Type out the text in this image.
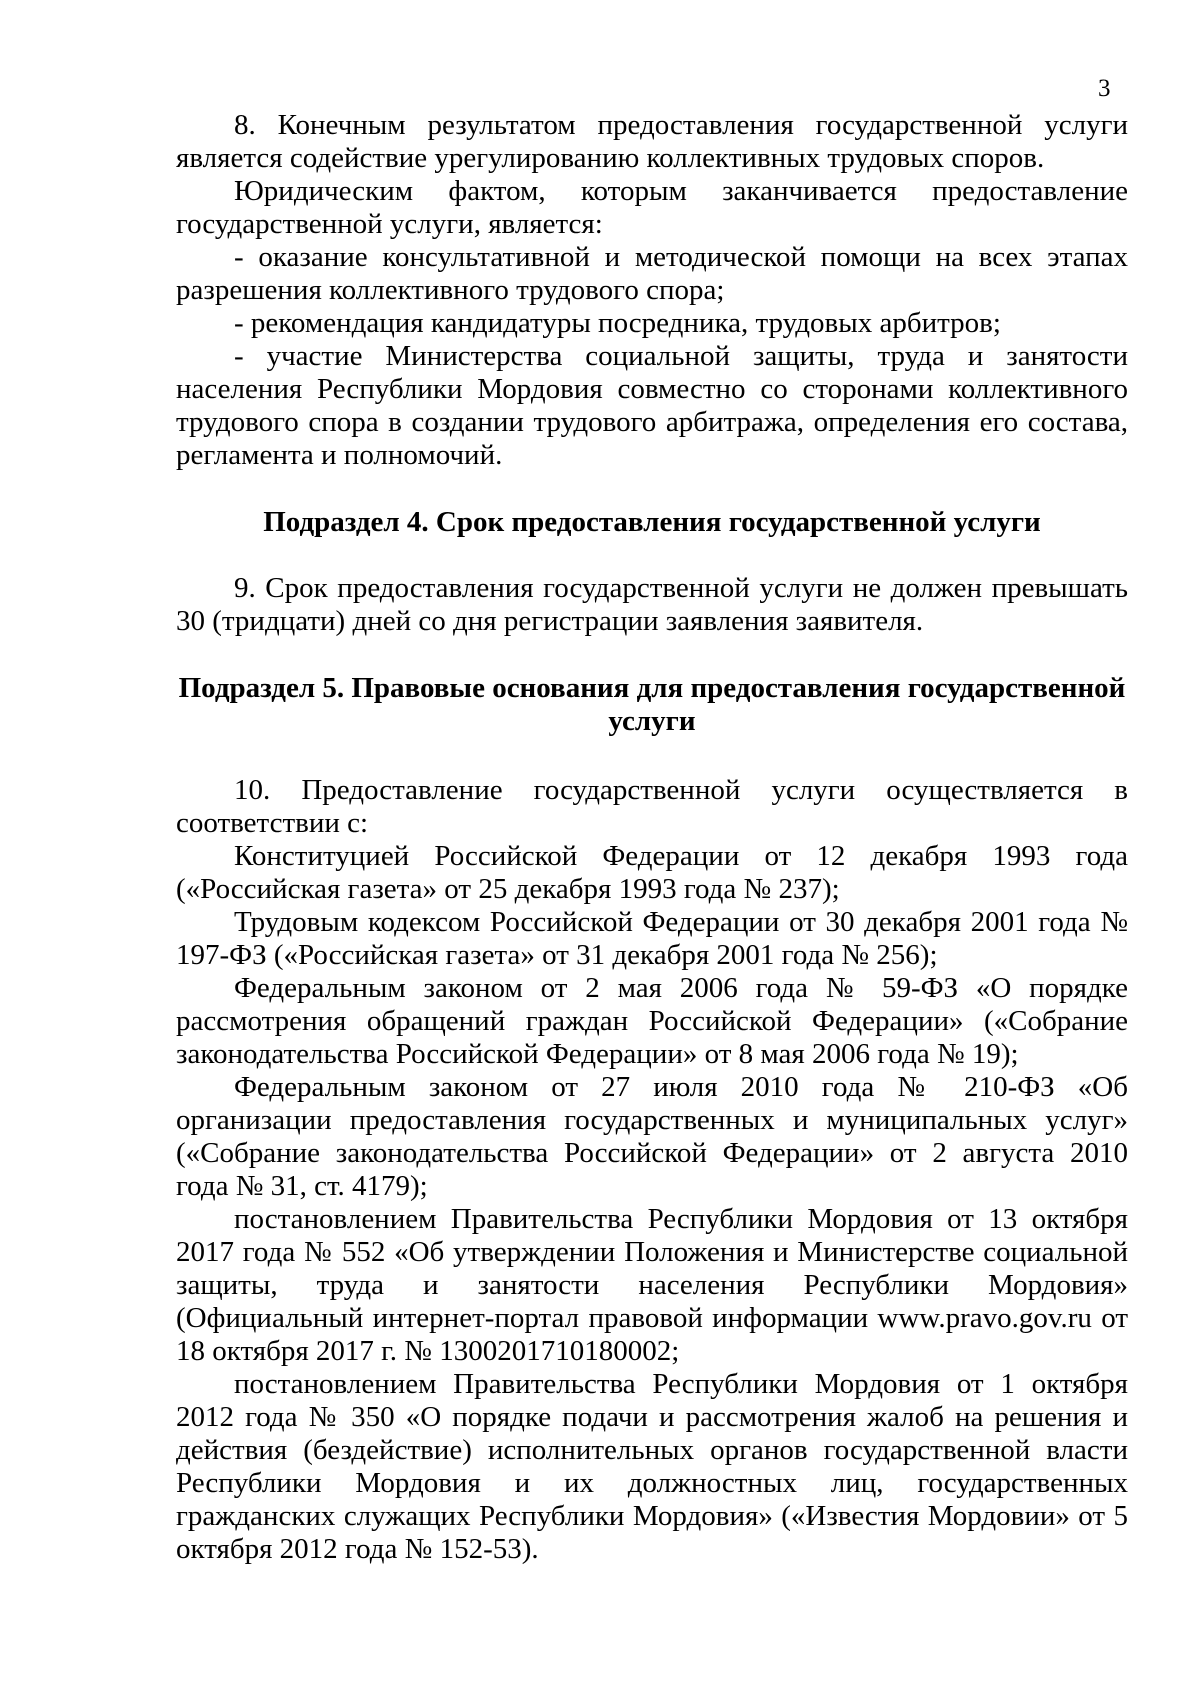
3

8. Конечным результатом предоставления государственной услуги является содействие урегулированию коллективных трудовых споров.

Юридическим фактом, которым заканчивается предоставление государственной услуги, является:

- оказание консультативной и методической помощи на всех этапах разрешения коллективного трудового спора;

- рекомендация кандидатуры посредника, трудовых арбитров;

- участие Министерства социальной защиты, труда и занятости населения Республики Мордовия совместно со сторонами коллективного трудового спора в создании трудового арбитража, определения его состава, регламента и полномочий.

Подраздел 4. Срок предоставления государственной услуги

9. Срок предоставления государственной услуги не должен превышать 30 (тридцати) дней со дня регистрации заявления заявителя.

Подраздел 5. Правовые основания для предоставления государственной услуги

10. Предоставление государственной услуги осуществляется в соответствии с:

Конституцией Российской Федерации от 12 декабря 1993 года («Российская газета» от 25 декабря 1993 года № 237);

Трудовым кодексом Российской Федерации от 30 декабря 2001 года № 197-ФЗ («Российская газета» от 31 декабря 2001 года № 256);

Федеральным законом от 2 мая 2006 года № 59-ФЗ «О порядке рассмотрения обращений граждан Российской Федерации» («Собрание законодательства Российской Федерации» от 8 мая 2006 года № 19);

Федеральным законом от 27 июля 2010 года № 210-ФЗ «Об организации предоставления государственных и муниципальных услуг» («Собрание законодательства Российской Федерации» от 2 августа 2010 года № 31, ст. 4179);

постановлением Правительства Республики Мордовия от 13 октября 2017 года № 552 «Об утверждении Положения и Министерстве социальной защиты, труда и занятости населения Республики Мордовия» (Официальный интернет-портал правовой информации www.pravo.gov.ru от 18 октября 2017 г. № 1300201710180002;

постановлением Правительства Республики Мордовия от 1 октября 2012 года № 350 «О порядке подачи и рассмотрения жалоб на решения и действия (бездействие) исполнительных органов государственной власти Республики Мордовия и их должностных лиц, государственных гражданских служащих Республики Мордовия» («Известия Мордовии» от 5 октября 2012 года № 152-53).
